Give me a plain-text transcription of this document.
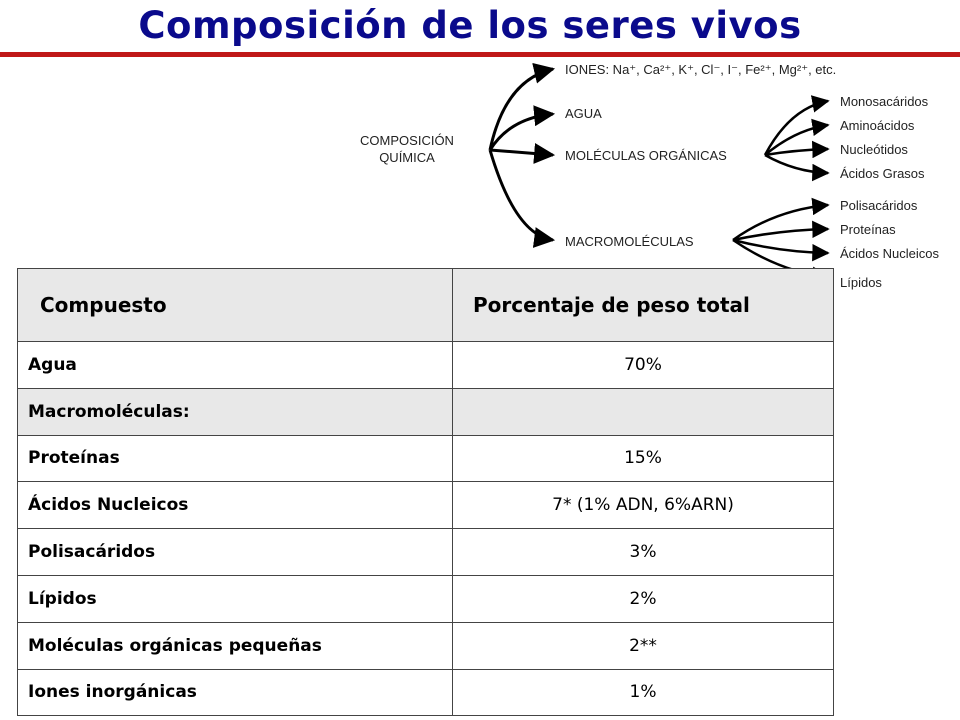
Composición de los seres vivos
COMPOSICIÓN
QUÍMICA
IONES: Na⁺, Ca²⁺, K⁺, Cl⁻, I⁻, Fe²⁺, Mg²⁺, etc.
AGUA
MOLÉCULAS ORGÁNICAS
MACROMOLÉCULAS
Monosacáridos
Aminoácidos
Nucleótidos
Ácidos Grasos
Polisacáridos
Proteínas
Ácidos Nucleicos
Lípidos
Compuesto	Porcentaje de peso total
Agua	70%
Macromoléculas:	
Proteínas	15%
Ácidos Nucleicos	7* (1% ADN, 6%ARN)
Polisacáridos	3%
Lípidos	2%
Moléculas orgánicas pequeñas	2**
Iones inorgánicas	1%
